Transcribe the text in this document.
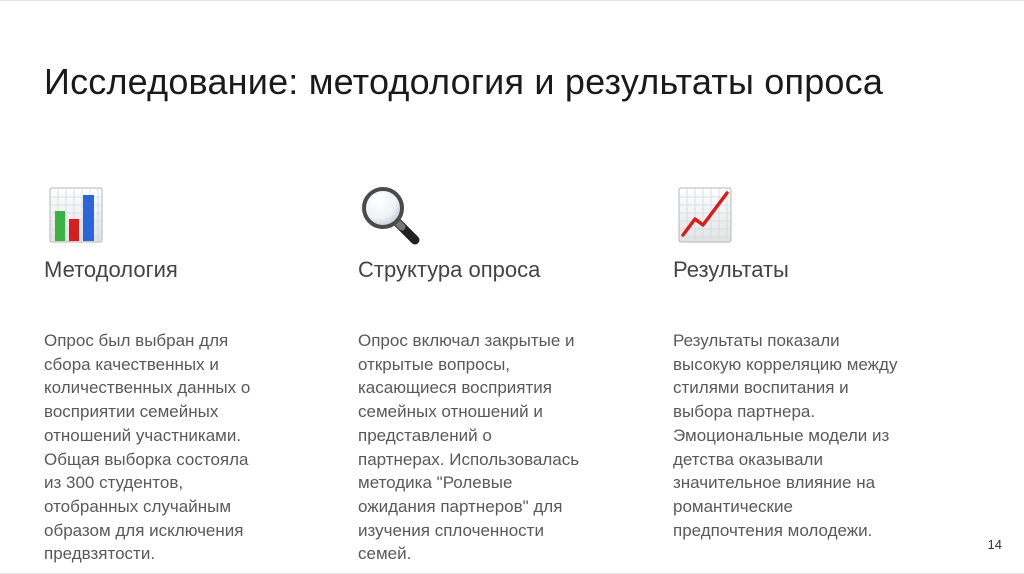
Исследование: методология и результаты опроса
Методология
Опрос был выбран для
сбора качественных и
количественных данных о
восприятии семейных
отношений участниками.
Общая выборка состояла
из 300 студентов,
отобранных случайным
образом для исключения
предвзятости.
Структура опроса
Опрос включал закрытые и
открытые вопросы,
касающиеся восприятия
семейных отношений и
представлений о
партнерах. Использовалась
методика "Ролевые
ожидания партнеров" для
изучения сплоченности
семей.
Результаты
Результаты показали
высокую корреляцию между
стилями воспитания и
выбора партнера.
Эмоциональные модели из
детства оказывали
значительное влияние на
романтические
предпочтения молодежи.
14
